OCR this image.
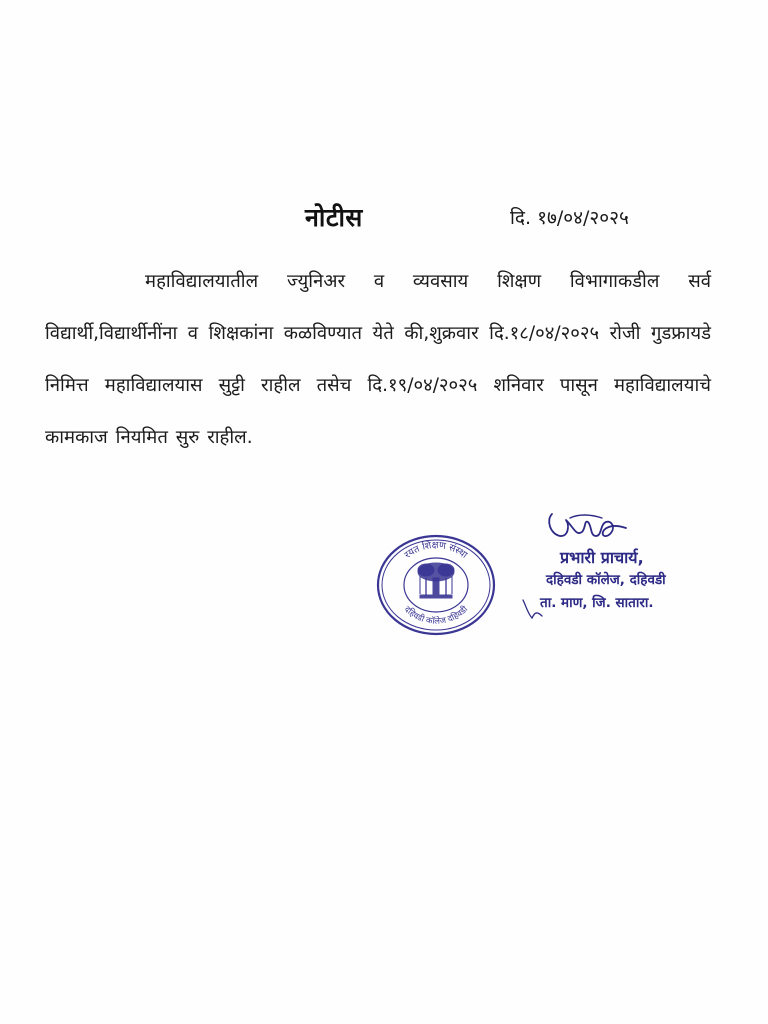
नोटीस	दि. १७/०४/२०२५
महाविद्यालयातील ज्युनिअर व व्यवसाय शिक्षण विभागाकडील सर्व विद्यार्थी,विद्यार्थीनींना व शिक्षकांना कळविण्यात येते की,शुक्रवार दि.१८/०४/२०२५ रोजी गुडफ्रायडे निमित्त महाविद्यालयास सुट्टी राहील तसेच दि.१९/०४/२०२५ शनिवार पासून महाविद्यालयाचे कामकाज नियमित सुरु राहील.
रयत शिक्षण संस्था
दहिवडी कॉलेज दहिवडी
प्रभारी प्राचार्य,
दहिवडी कॉलेज, दहिवडी
ता. माण, जि. सातारा.
